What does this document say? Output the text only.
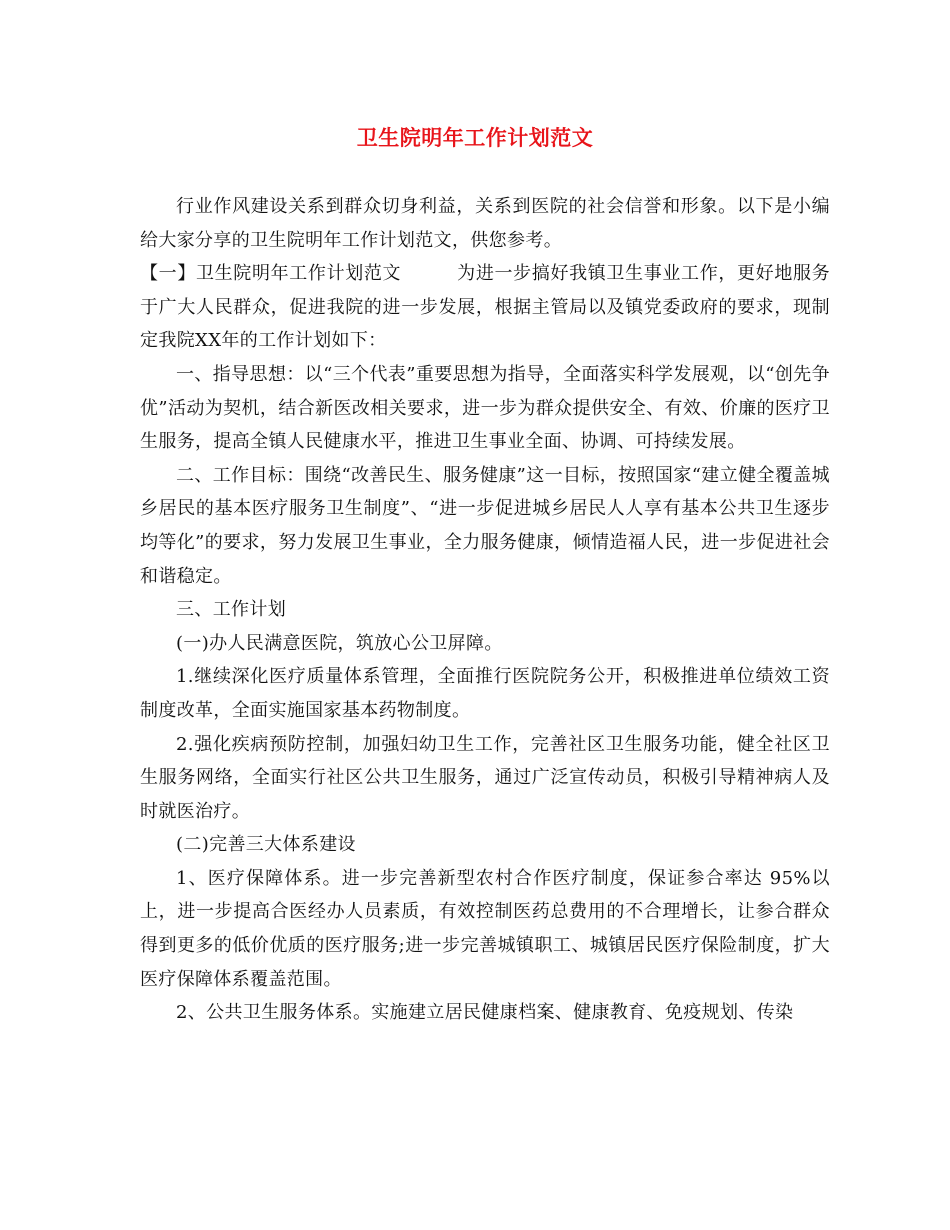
卫生院明年工作计划范文

行业作风建设关系到群众切身利益，关系到医院的社会信誉和形象。以下是小编给大家分享的卫生院明年工作计划范文，供您参考。

【一】卫生院明年工作计划范文　　　为进一步搞好我镇卫生事业工作，更好地服务于广大人民群众，促进我院的进一步发展，根据主管局以及镇党委政府的要求，现制定我院XX年的工作计划如下：

一、指导思想：以“三个代表”重要思想为指导，全面落实科学发展观，以“创先争优”活动为契机，结合新医改相关要求，进一步为群众提供安全、有效、价廉的医疗卫生服务，提高全镇人民健康水平，推进卫生事业全面、协调、可持续发展。

二、工作目标：围绕“改善民生、服务健康”这一目标，按照国家“建立健全覆盖城乡居民的基本医疗服务卫生制度”、“进一步促进城乡居民人人享有基本公共卫生逐步均等化”的要求，努力发展卫生事业，全力服务健康，倾情造福人民，进一步促进社会和谐稳定。

三、工作计划

(一)办人民满意医院，筑放心公卫屏障。

1.继续深化医疗质量体系管理，全面推行医院院务公开，积极推进单位绩效工资制度改革，全面实施国家基本药物制度。

2.强化疾病预防控制，加强妇幼卫生工作，完善社区卫生服务功能，健全社区卫生服务网络，全面实行社区公共卫生服务，通过广泛宣传动员，积极引导精神病人及时就医治疗。

(二)完善三大体系建设

1、医疗保障体系。进一步完善新型农村合作医疗制度，保证参合率达 95%以上，进一步提高合医经办人员素质，有效控制医药总费用的不合理增长，让参合群众得到更多的低价优质的医疗服务;进一步完善城镇职工、城镇居民医疗保险制度，扩大医疗保障体系覆盖范围。

2、公共卫生服务体系。实施建立居民健康档案、健康教育、免疫规划、传染
